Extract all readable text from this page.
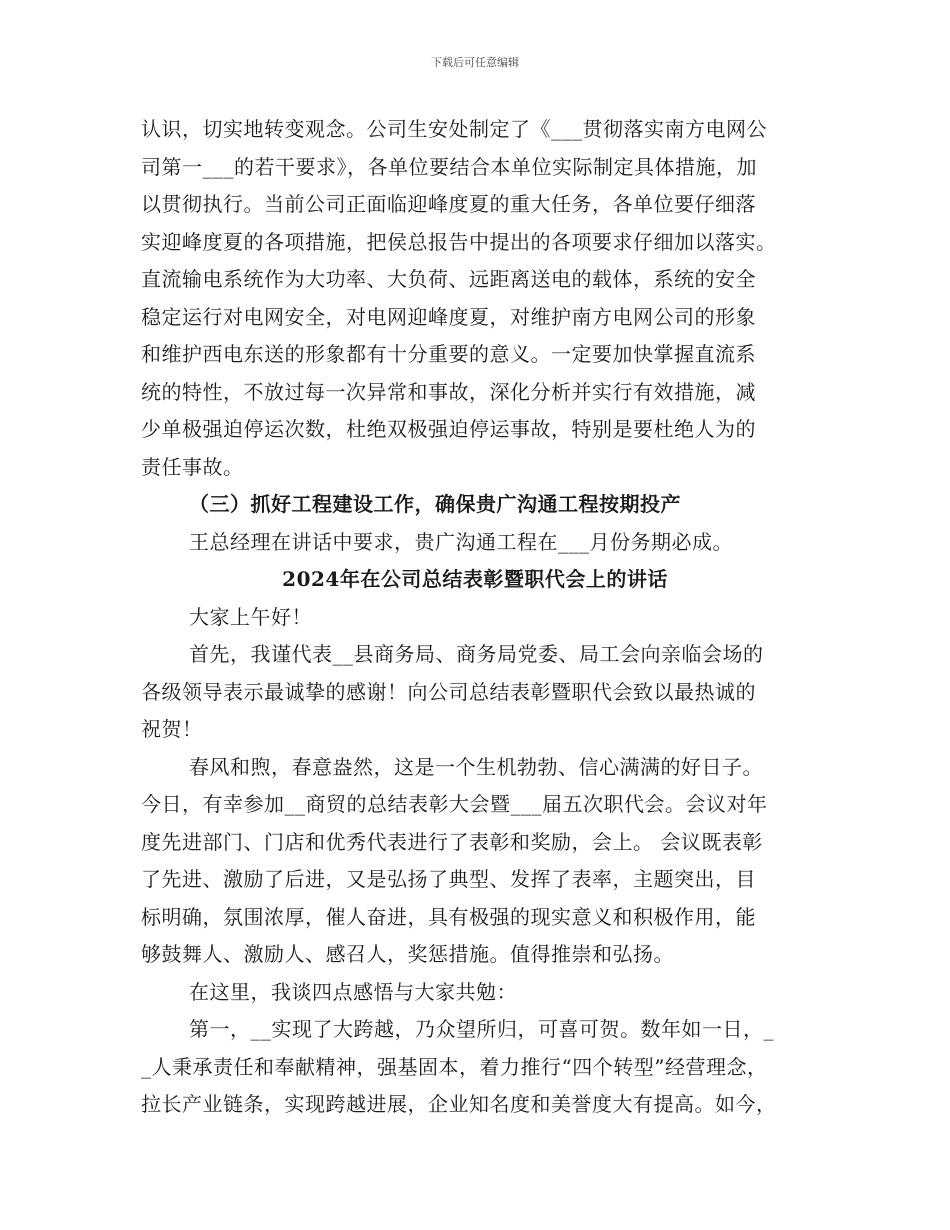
下载后可任意编辑
认识，切实地转变观念。公司生安处制定了《___贯彻落实南方电网公
司第一___的若干要求》，各单位要结合本单位实际制定具体措施，加
以贯彻执行。当前公司正面临迎峰度夏的重大任务，各单位要仔细落
实迎峰度夏的各项措施，把侯总报告中提出的各项要求仔细加以落实。
直流输电系统作为大功率、大负荷、远距离送电的载体，系统的安全
稳定运行对电网安全，对电网迎峰度夏，对维护南方电网公司的形象
和维护西电东送的形象都有十分重要的意义。一定要加快掌握直流系
统的特性，不放过每一次异常和事故，深化分析并实行有效措施，减
少单极强迫停运次数，杜绝双极强迫停运事故，特别是要杜绝人为的
责任事故。
（三）抓好工程建设工作，确保贵广沟通工程按期投产
王总经理在讲话中要求，贵广沟通工程在___月份务期必成。
2024年在公司总结表彰暨职代会上的讲话
大家上午好！
首先，我谨代表__县商务局、商务局党委、局工会向亲临会场的
各级领导表示最诚挚的感谢！向公司总结表彰暨职代会致以最热诚的
祝贺！
春风和煦，春意盎然，这是一个生机勃勃、信心满满的好日子。
今日，有幸参加__商贸的总结表彰大会暨___届五次职代会。会议对年
度先进部门、门店和优秀代表进行了表彰和奖励，会上。 会议既表彰
了先进、激励了后进，又是弘扬了典型、发挥了表率，主题突出，目
标明确，氛围浓厚，催人奋进，具有极强的现实意义和积极作用，能
够鼓舞人、激励人、感召人，奖惩措施。值得推崇和弘扬。
在这里，我谈四点感悟与大家共勉：
第一，__实现了大跨越，乃众望所归，可喜可贺。数年如一日，_
_人秉承责任和奉献精神，强基固本，着力推行“四个转型”经营理念，
拉长产业链条，实现跨越进展，企业知名度和美誉度大有提高。如今，
